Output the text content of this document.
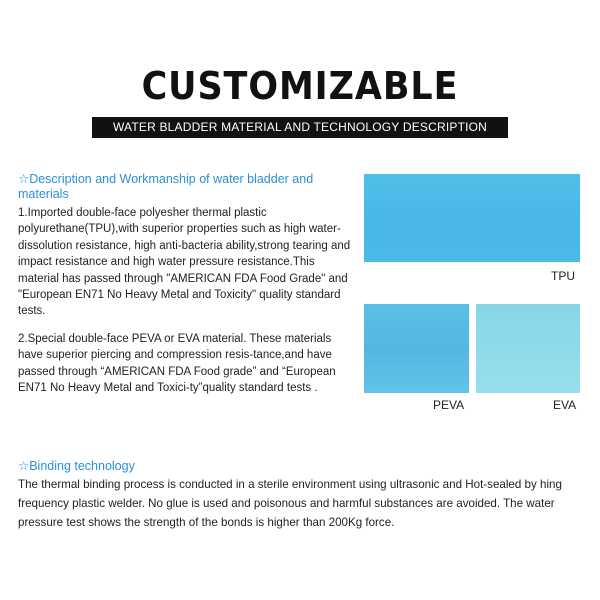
CUSTOMIZABLE
WATER BLADDER MATERIAL AND TECHNOLOGY DESCRIPTION
☆Description and Workmanship of water bladder and materials
1.Imported double-face polyesher thermal plastic polyurethane(TPU),with superior properties such as high water-dissolution resistance, high anti-bacteria ability,strong tearing and impact resistance and high water pressure resistance.This material has passed through "AMERICAN FDA Food Grade" and "European EN71 No Heavy Metal and Toxicity" quality standard tests.
2.Special double-face PEVA or EVA material. These materials have superior piercing and compression resis-tance,and have passed through “AMERICAN FDA Food grade” and “European EN71 No Heavy Metal and Toxici-ty”quality standard tests .
TPU
PEVA	EVA
☆Binding technology
The thermal binding process is conducted in a sterile environment using ultrasonic and Hot-sealed by hing frequency plastic welder. No glue is used and poisonous and harmful substances are avoided. The water pressure test shows the strength of the bonds is higher than 200Kg force.
